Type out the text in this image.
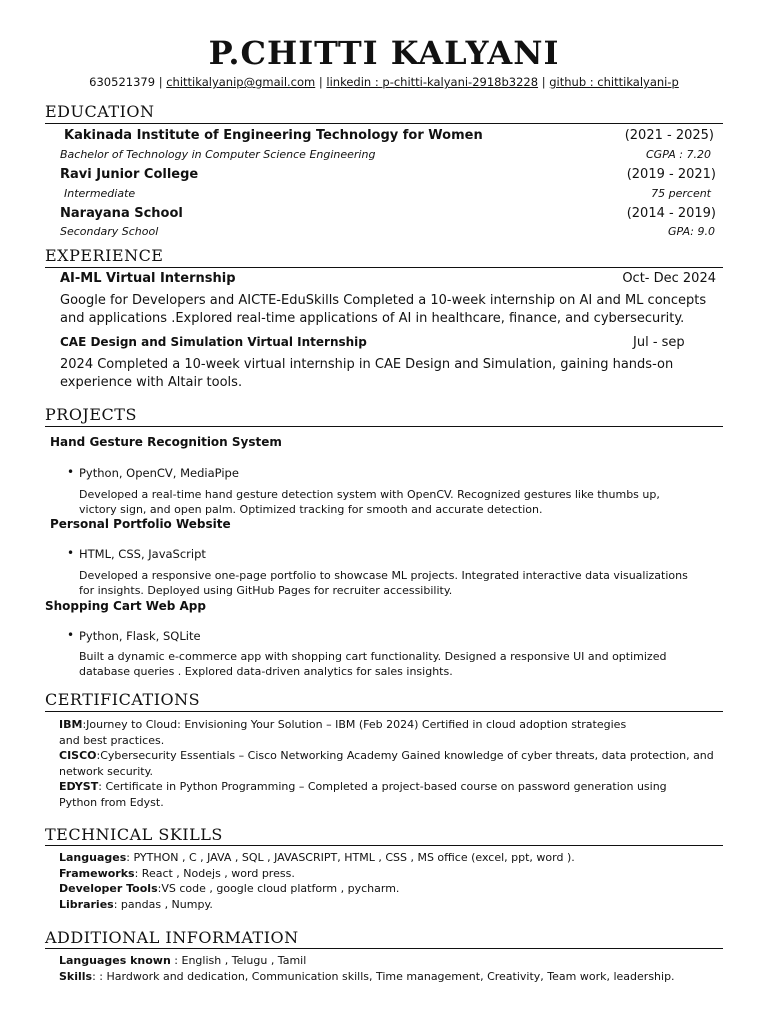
P.CHITTI KALYANI
630521379 | chittikalyanip@gmail.com | linkedin : p-chitti-kalyani-2918b3228 | github : chittikalyani-p
EDUCATION
Kakinada Institute of Engineering Technology for Women	(2021 - 2025)
Bachelor of Technology in Computer Science Engineering	CGPA : 7.20
Ravi Junior College	(2019 - 2021)
Intermediate	75 percent
Narayana School	(2014 - 2019)
Secondary School	GPA: 9.0
EXPERIENCE
AI-ML Virtual Internship	Oct- Dec 2024
Google for Developers and AICTE-EduSkills Completed a 10-week internship on AI and ML concepts and applications .Explored real-time applications of AI in healthcare, finance, and cybersecurity.
CAE Design and Simulation Virtual Internship	Jul - sep
2024 Completed a 10-week virtual internship in CAE Design and Simulation, gaining hands-on experience with Altair tools.
PROJECTS
Hand Gesture Recognition System
• Python, OpenCV, MediaPipe
Developed a real-time hand gesture detection system with OpenCV. Recognized gestures like thumbs up, victory sign, and open palm. Optimized tracking for smooth and accurate detection.
Personal Portfolio Website
• HTML, CSS, JavaScript
Developed a responsive one-page portfolio to showcase ML projects. Integrated interactive data visualizations for insights. Deployed using GitHub Pages for recruiter accessibility.
Shopping Cart Web App
• Python, Flask, SQLite
Built a dynamic e-commerce app with shopping cart functionality. Designed a responsive UI and optimized database queries . Explored data-driven analytics for sales insights.
CERTIFICATIONS
IBM:Journey to Cloud: Envisioning Your Solution – IBM (Feb 2024) Certified in cloud adoption strategies
and best practices.
CISCO:Cybersecurity Essentials – Cisco Networking Academy Gained knowledge of cyber threats, data protection, and
network security.
EDYST: Certificate in Python Programming – Completed a project-based course on password generation using
Python from Edyst.
TECHNICAL SKILLS
Languages: PYTHON , C , JAVA , SQL , JAVASCRIPT, HTML , CSS , MS office (excel, ppt, word ).
Frameworks: React , Nodejs , word press.
Developer Tools:VS code , google cloud platform , pycharm.
Libraries: pandas , Numpy.
ADDITIONAL INFORMATION
Languages known : English , Telugu , Tamil
Skills: : Hardwork and dedication, Communication skills, Time management, Creativity, Team work, leadership.
